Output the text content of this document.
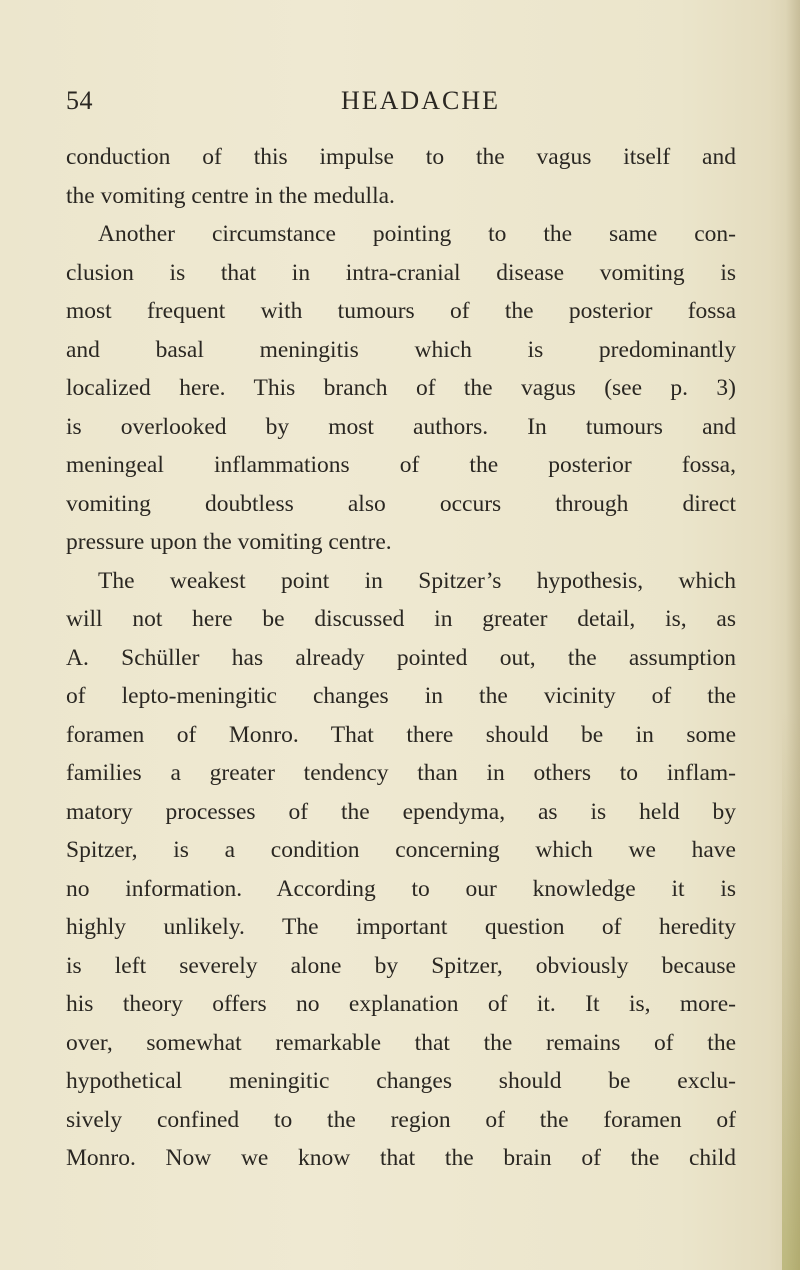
54	HEADACHE
conduction of this impulse to the vagus itself and
the vomiting centre in the medulla.
Another circumstance pointing to the same con-
clusion is that in intra-cranial disease vomiting is
most frequent with tumours of the posterior fossa
and basal meningitis which is predominantly
localized here. This branch of the vagus (see p. 3)
is overlooked by most authors. In tumours and
meningeal inflammations of the posterior fossa,
vomiting doubtless also occurs through direct
pressure upon the vomiting centre.
The weakest point in Spitzer’s hypothesis, which
will not here be discussed in greater detail, is, as
A. Schüller has already pointed out, the assumption
of lepto-meningitic changes in the vicinity of the
foramen of Monro. That there should be in some
families a greater tendency than in others to inflam-
matory processes of the ependyma, as is held by
Spitzer, is a condition concerning which we have
no information. According to our knowledge it is
highly unlikely. The important question of heredity
is left severely alone by Spitzer, obviously because
his theory offers no explanation of it. It is, more-
over, somewhat remarkable that the remains of the
hypothetical meningitic changes should be exclu-
sively confined to the region of the foramen of
Monro. Now we know that the brain of the child
